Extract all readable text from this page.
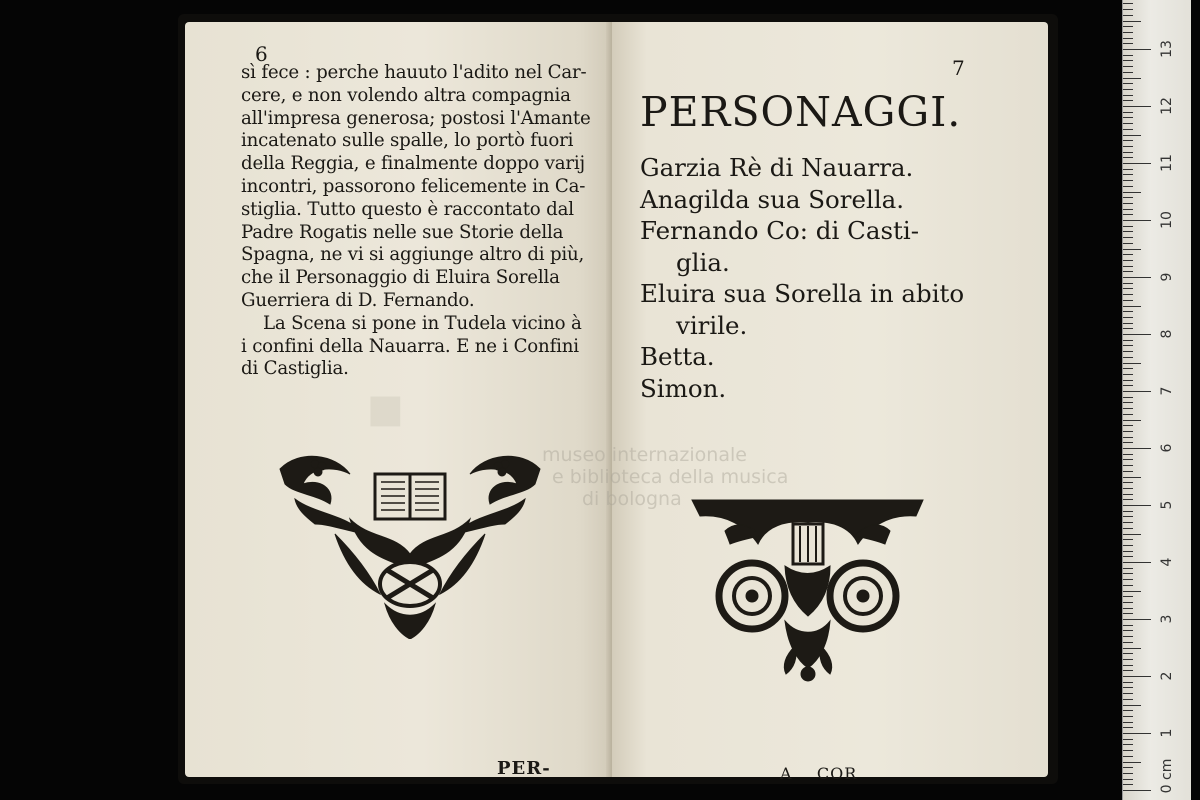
6
sì fece : perche hauuto l'adito nel Car-
cere, e non volendo altra compagnia
all'impresa generosa; postosi l'Amante
incatenato sulle spalle, lo portò fuori
della Reggia, e finalmente doppo varij
incontri, passorono felicemente in Ca-
stiglia. Tutto questo è raccontato dal
Padre Rogatis nelle sue Storie della
Spagna, ne vi si aggiunge altro di più,
che il Personaggio di Eluira Sorella
Guerriera di D. Fernando.
La Scena si pone in Tudela vicino à
i confini della Nauarra. E ne i Confini
di Castiglia.
▪
PER-
7
PERSONAGGI.
Garzia Rè di Nauarra.
Anagilda sua Sorella.
Fernando Co: di Casti-
glia.
Eluira sua Sorella in abito
virile.
Betta.
Simon.
museo internazionale
e biblioteca della musica
di bologna
A    COR
1
2
3
4
5
6
7
8
9
10
11
12
13
0 cm
